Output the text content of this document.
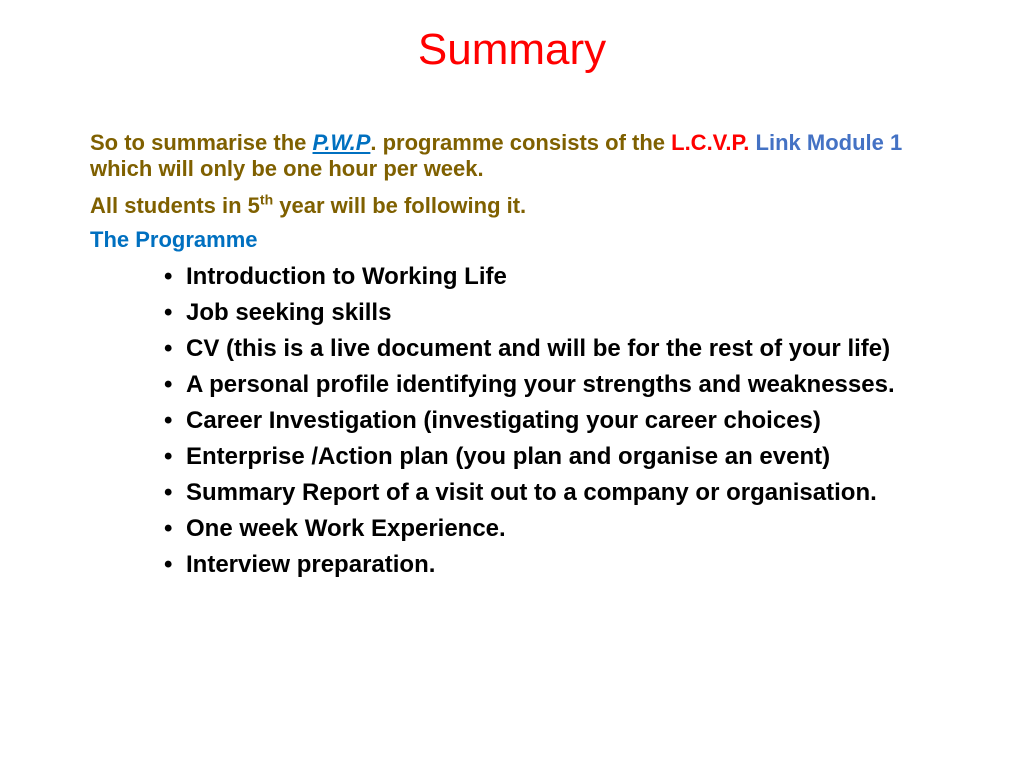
Summary
So to summarise the P.W.P. programme consists of the L.C.V.P. Link Module 1 which will only be one hour per week.
All students in 5th year will be following it.
The Programme
• Introduction to Working Life
• Job seeking skills
• CV (this is a live document and will be for the rest of your life)
• A personal profile identifying your strengths and weaknesses.
• Career Investigation (investigating your career choices)
• Enterprise /Action plan (you plan and organise an event)
• Summary Report of a visit out to a company or organisation.
• One week Work Experience.
• Interview preparation.
